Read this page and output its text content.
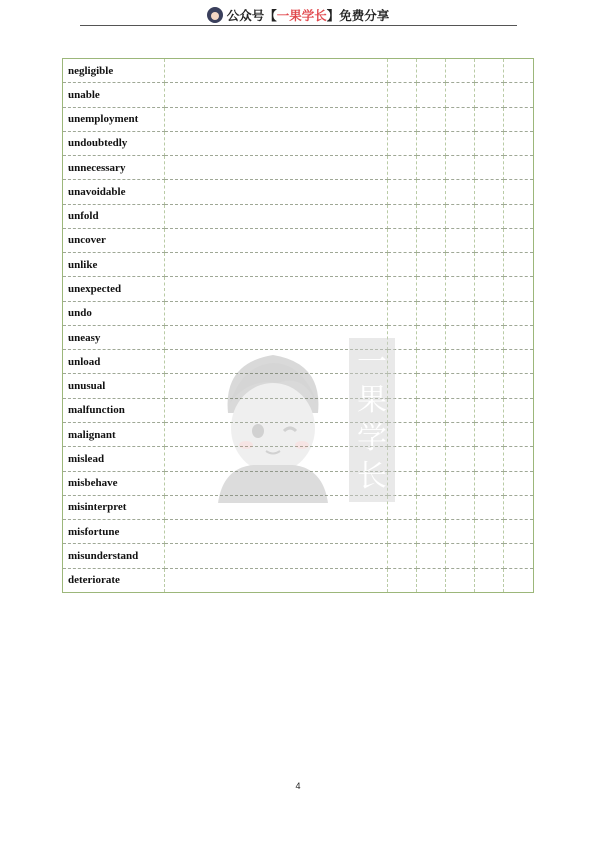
公众号【一果学长】免费分享
negligible						
unable						
unemployment						
undoubtedly						
unnecessary						
unavoidable						
unfold						
uncover						
unlike						
unexpected						
undo						
uneasy						
unload						
unusual						
malfunction						
malignant						
mislead						
misbehave						
misinterpret						
misfortune						
misunderstand						
deteriorate						
一
果
学
长
4
